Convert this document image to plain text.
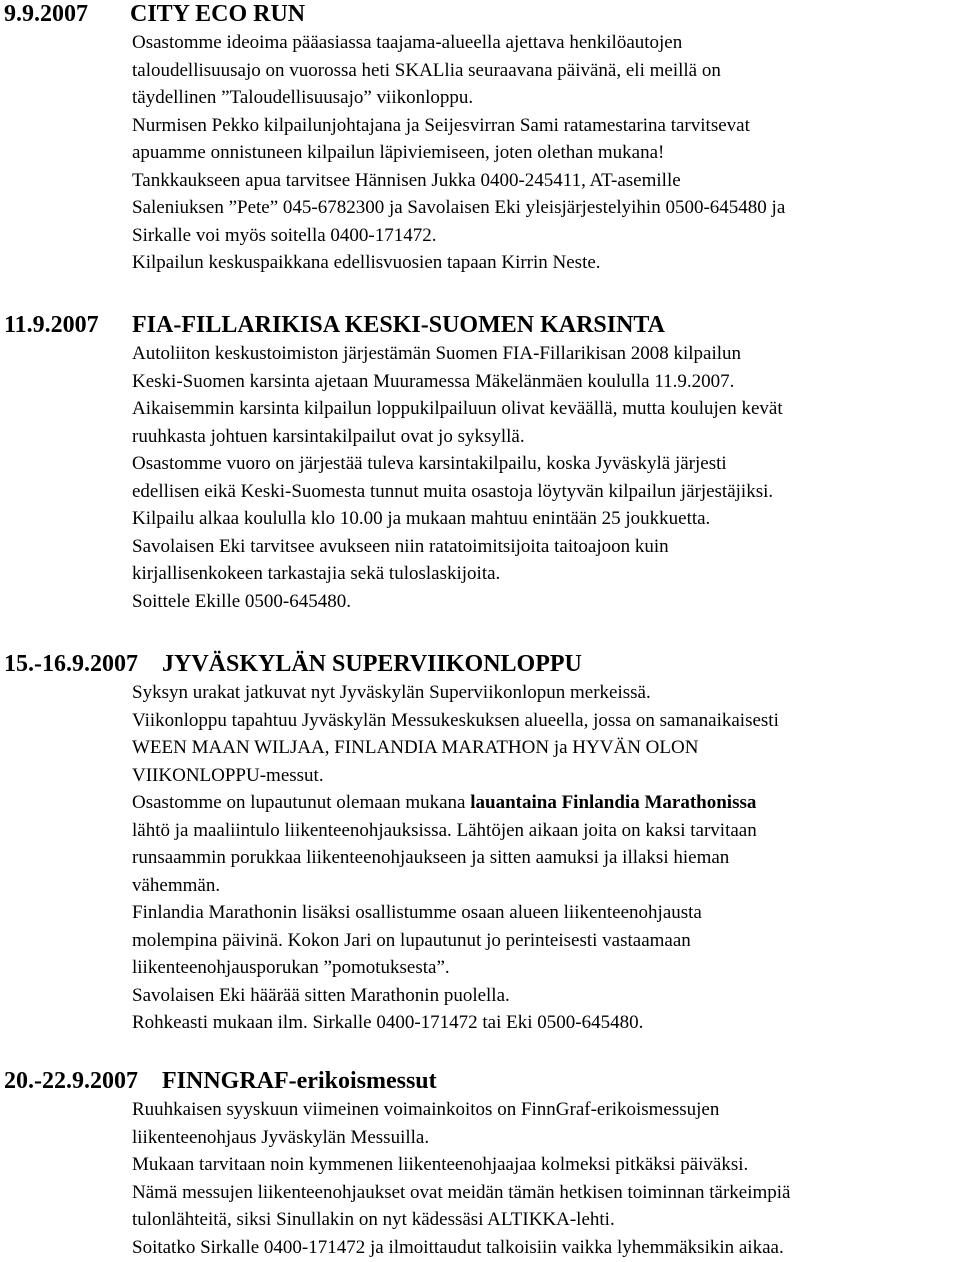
9.9.2007 CITY ECO RUN

Osastomme ideoima pääasiassa taajama-alueella ajettava henkilöautojen

taloudellisuusajo on vuorossa heti SKALlia seuraavana päivänä, eli meillä on

täydellinen ”Taloudellisuusajo” viikonloppu.

Nurmisen Pekko kilpailunjohtajana ja Seijesvirran Sami ratamestarina tarvitsevat

apuamme onnistuneen kilpailun läpiviemiseen, joten olethan mukana!

Tankkaukseen apua tarvitsee Hännisen Jukka 0400-245411, AT-asemille

Saleniuksen ”Pete” 045-6782300 ja Savolaisen Eki yleisjärjestelyihin 0500-645480 ja

Sirkalle voi myös soitella 0400-171472.

Kilpailun keskuspaikkana edellisvuosien tapaan Kirrin Neste.

11.9.2007 FIA-FILLARIKISA KESKI-SUOMEN KARSINTA

Autoliiton keskustoimiston järjestämän Suomen FIA-Fillarikisan 2008 kilpailun

Keski-Suomen karsinta ajetaan Muuramessa Mäkelänmäen koululla 11.9.2007.

Aikaisemmin karsinta kilpailun loppukilpailuun olivat keväällä, mutta koulujen kevät

ruuhkasta johtuen karsintakilpailut ovat jo syksyllä.

Osastomme vuoro on järjestää tuleva karsintakilpailu, koska Jyväskylä järjesti

edellisen eikä Keski-Suomesta tunnut muita osastoja löytyvän kilpailun järjestäjiksi.

Kilpailu alkaa koululla klo 10.00 ja mukaan mahtuu enintään 25 joukkuetta.

Savolaisen Eki tarvitsee avukseen niin ratatoimitsijoita taitoajoon kuin

kirjallisenkokeen tarkastajia sekä tuloslaskijoita.

Soittele Ekille 0500-645480.

15.-16.9.2007 JYVÄSKYLÄN SUPERVIIKONLOPPU

Syksyn urakat jatkuvat nyt Jyväskylän Superviikonlopun merkeissä.

Viikonloppu tapahtuu Jyväskylän Messukeskuksen alueella, jossa on samanaikaisesti

WEEN MAAN WILJAA, FINLANDIA MARATHON ja HYVÄN OLON

VIIKONLOPPU-messut.

Osastomme on lupautunut olemaan mukana lauantaina Finlandia Marathonissa

lähtö ja maaliintulo liikenteenohjauksissa. Lähtöjen aikaan joita on kaksi tarvitaan

runsaammin porukkaa liikenteenohjaukseen ja sitten aamuksi ja illaksi hieman

vähemmän.

Finlandia Marathonin lisäksi osallistumme osaan alueen liikenteenohjausta

molempina päivinä. Kokon Jari on lupautunut jo perinteisesti vastaamaan

liikenteenohjausporukan ”pomotuksesta”.

Savolaisen Eki häärää sitten Marathonin puolella.

Rohkeasti mukaan ilm. Sirkalle 0400-171472 tai Eki 0500-645480.

20.-22.9.2007 FINNGRAF-erikoismessut

Ruuhkaisen syyskuun viimeinen voimainkoitos on FinnGraf-erikoismessujen

liikenteenohjaus Jyväskylän Messuilla.

Mukaan tarvitaan noin kymmenen liikenteenohjaajaa kolmeksi pitkäksi päiväksi.

Nämä messujen liikenteenohjaukset ovat meidän tämän hetkisen toiminnan tärkeimpiä

tulonlähteitä, siksi Sinullakin on nyt kädessäsi ALTIKKA-lehti.

Soitatko Sirkalle 0400-171472 ja ilmoittaudut talkoisiin vaikka lyhemmäksikin aikaa.
